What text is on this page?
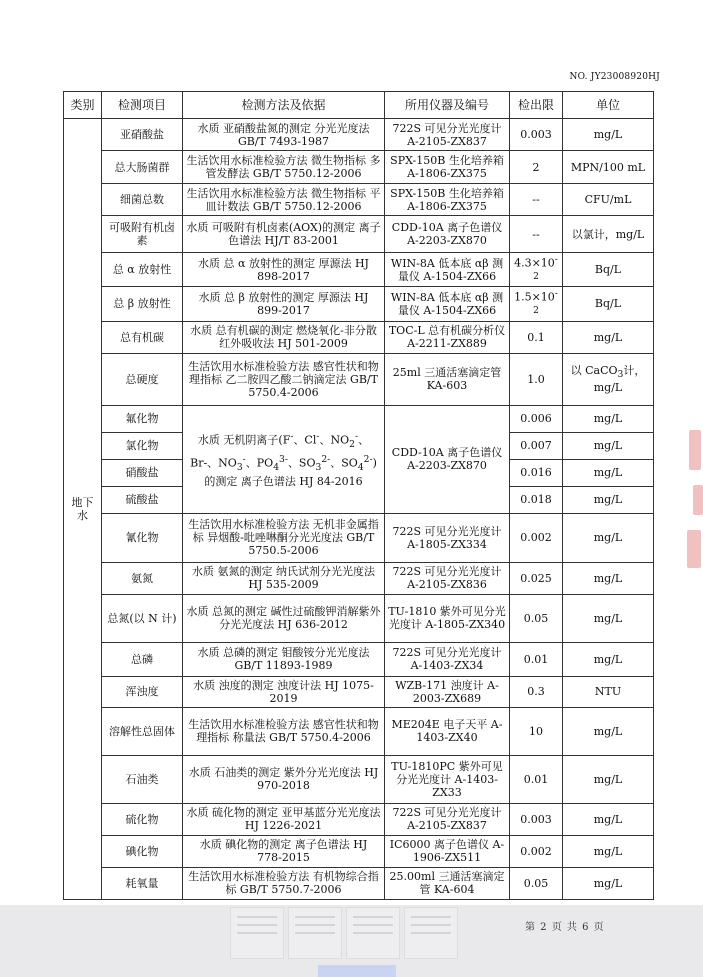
NO. JY23008920HJ
类别	检测项目	检测方法及依据	所用仪器及编号	检出限	单位
地下水	亚硝酸盐	水质 亚硝酸盐氮的测定 分光光度法 GB/T 7493-1987	722S 可见分光光度计 A-2105-ZX837	0.003	mg/L
	总大肠菌群	生活饮用水标准检验方法 微生物指标 多管发酵法 GB/T 5750.12-2006	SPX-150B 生化培养箱 A-1806-ZX375	2	MPN/100 mL
	细菌总数	生活饮用水标准检验方法 微生物指标 平皿计数法 GB/T 5750.12-2006	SPX-150B 生化培养箱 A-1806-ZX375	--	CFU/mL
	可吸附有机卤素	水质 可吸附有机卤素(AOX)的测定 离子色谱法 HJ/T 83-2001	CDD-10A 离子色谱仪 A-2203-ZX870	--	以氯计，mg/L
	总 α 放射性	水质 总 α 放射性的测定 厚源法 HJ 898-2017	WIN-8A 低本底 αβ 测量仪 A-1504-ZX66	$4.3\times 10^{-2}$	Bq/L
	总 β 放射性	水质 总 β 放射性的测定 厚源法 HJ 899-2017	WIN-8A 低本底 αβ 测量仪 A-1504-ZX66	$1.5\times 10^{-2}$	Bq/L
	总有机碳	水质 总有机碳的测定 燃烧氧化-非分散红外吸收法 HJ 501-2009	TOC-L 总有机碳分析仪 A-2211-ZX889	0.1	mg/L
	总硬度	生活饮用水标准检验方法 感官性状和物理指标 乙二胺四乙酸二钠滴定法 GB/T 5750.4-2006	25ml 三通活塞滴定管 KA-603	1.0	以 CaCO$_3$计，mg/L
	氟化物	水质 无机阴离子(F-、Cl-、$NO_2^-$、Br-、$NO_3^-$、$PO_4^{3-}$、$SO_3^{2-}$、$SO_4^{2-}$)的测定 离子色谱法 HJ 84-2016	CDD-10A 离子色谱仪 A-2203-ZX870	0.006	mg/L
	氯化物			0.007	mg/L
	硝酸盐			0.016	mg/L
	硫酸盐			0.018	mg/L
	氰化物	生活饮用水标准检验方法 无机非金属指标 异烟酸-吡唑啉酮分光光度法 GB/T 5750.5-2006	722S 可见分光光度计 A-1805-ZX334	0.002	mg/L
	氨氮	水质 氨氮的测定 纳氏试剂分光光度法 HJ 535-2009	722S 可见分光光度计 A-2105-ZX836	0.025	mg/L
	总氮(以 N 计)	水质 总氮的测定 碱性过硫酸钾消解紫外分光光度法 HJ 636-2012	TU-1810 紫外可见分光光度计 A-1805-ZX340	0.05	mg/L
	总磷	水质 总磷的测定 钼酸铵分光光度法 GB/T 11893-1989	722S 可见分光光度计 A-1403-ZX34	0.01	mg/L
	浑浊度	水质 浊度的测定 浊度计法 HJ 1075-2019	WZB-171 浊度计 A-2003-ZX689	0.3	NTU
	溶解性总固体	生活饮用水标准检验方法 感官性状和物理指标 称量法 GB/T 5750.4-2006	ME204E 电子天平 A-1403-ZX40	10	mg/L
	石油类	水质 石油类的测定 紫外分光光度法 HJ 970-2018	TU-1810PC 紫外可见分光光度计 A-1403-ZX33	0.01	mg/L
	硫化物	水质 硫化物的测定 亚甲基蓝分光光度法 HJ 1226-2021	722S 可见分光光度计 A-2105-ZX837	0.003	mg/L
	碘化物	水质 碘化物的测定 离子色谱法 HJ 778-2015	IC6000 离子色谱仪 A-1906-ZX511	0.002	mg/L
	耗氧量	生活饮用水标准检验方法 有机物综合指标 GB/T 5750.7-2006	25.00ml 三通活塞滴定管 KA-604	0.05	mg/L
第 2 页 共 6 页
